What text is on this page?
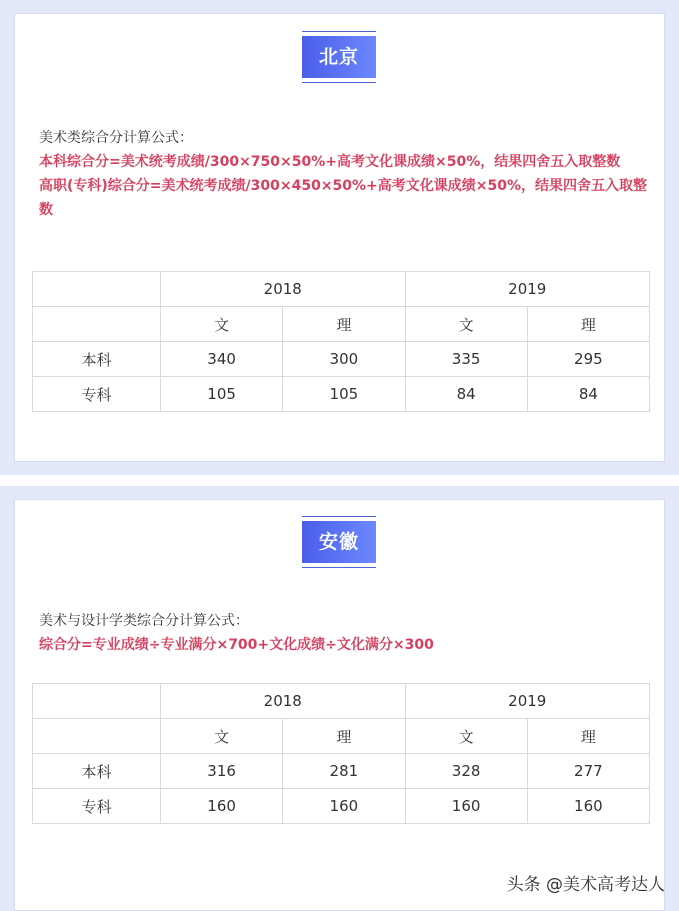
北京
美术类综合分计算公式：
本科综合分=美术统考成绩/300×750×50%+高考文化课成绩×50%，结果四舍五入取整数
高职(专科)综合分=美术统考成绩/300×450×50%+高考文化课成绩×50%，结果四舍五入取整数
	2018		2019	
	文	理	文	理
本科	340	300	335	295
专科	105	105	84	84
安徽
美术与设计学类综合分计算公式：
综合分=专业成绩÷专业满分×700+文化成绩÷文化满分×300
	2018		2019	
	文	理	文	理
本科	316	281	328	277
专科	160	160	160	160
头条 @美术高考达人
